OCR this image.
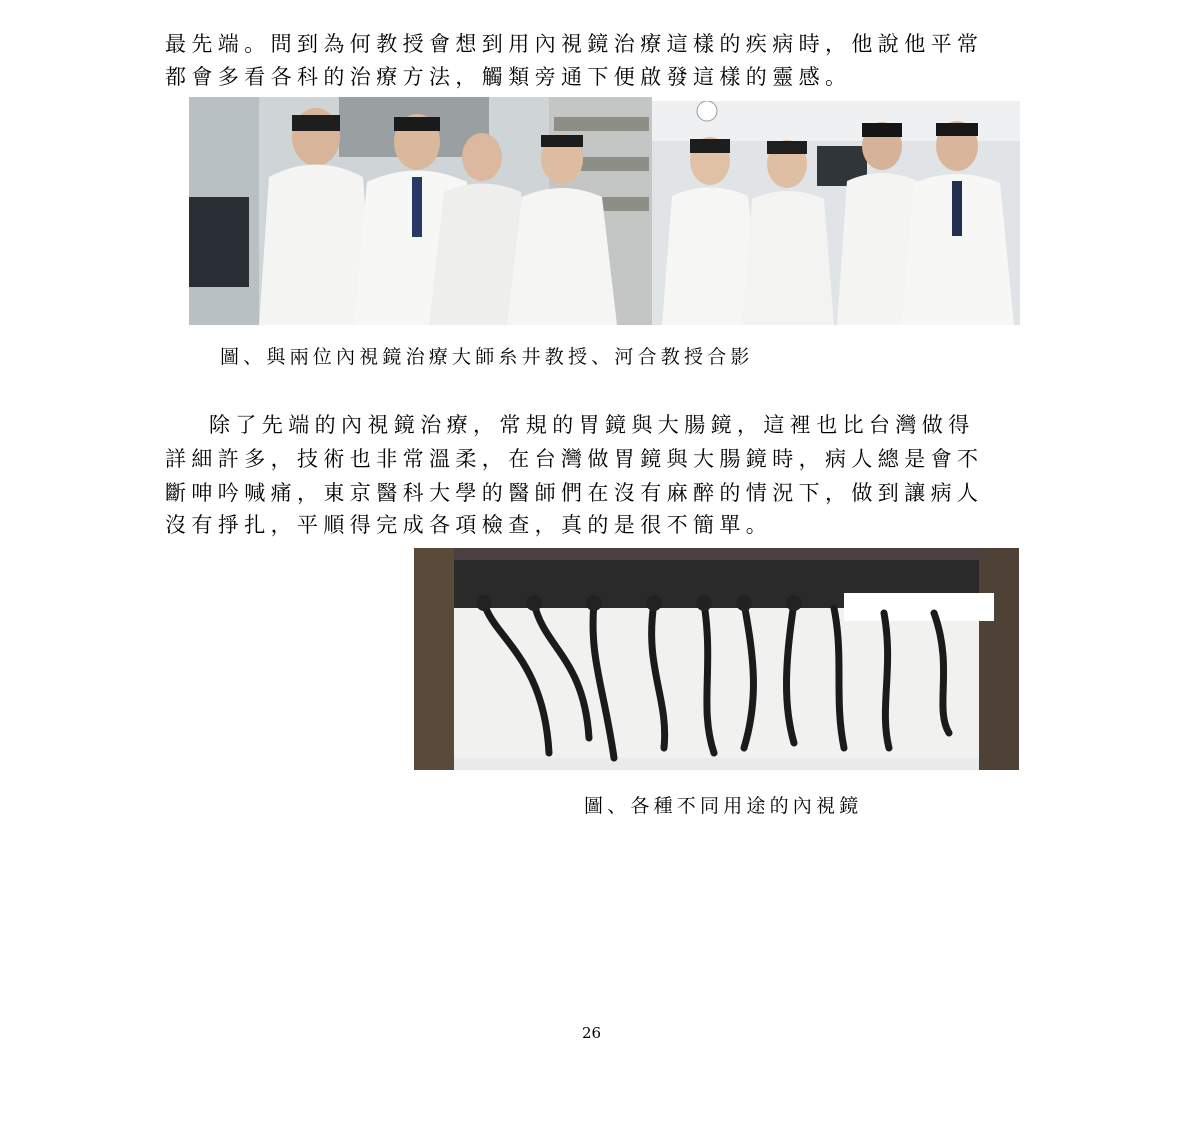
最先端。問到為何教授會想到用內視鏡治療這樣的疾病時，他說他平常
都會多看各科的治療方法，觸類旁通下便啟發這樣的靈感。
圖、與兩位內視鏡治療大師糸井教授、河合教授合影
除了先端的內視鏡治療，常規的胃鏡與大腸鏡，這裡也比台灣做得
詳細許多，技術也非常溫柔，在台灣做胃鏡與大腸鏡時，病人總是會不
斷呻吟喊痛，東京醫科大學的醫師們在沒有麻醉的情況下，做到讓病人
沒有掙扎，平順得完成各項檢查，真的是很不簡單。
圖、各種不同用途的內視鏡
26
